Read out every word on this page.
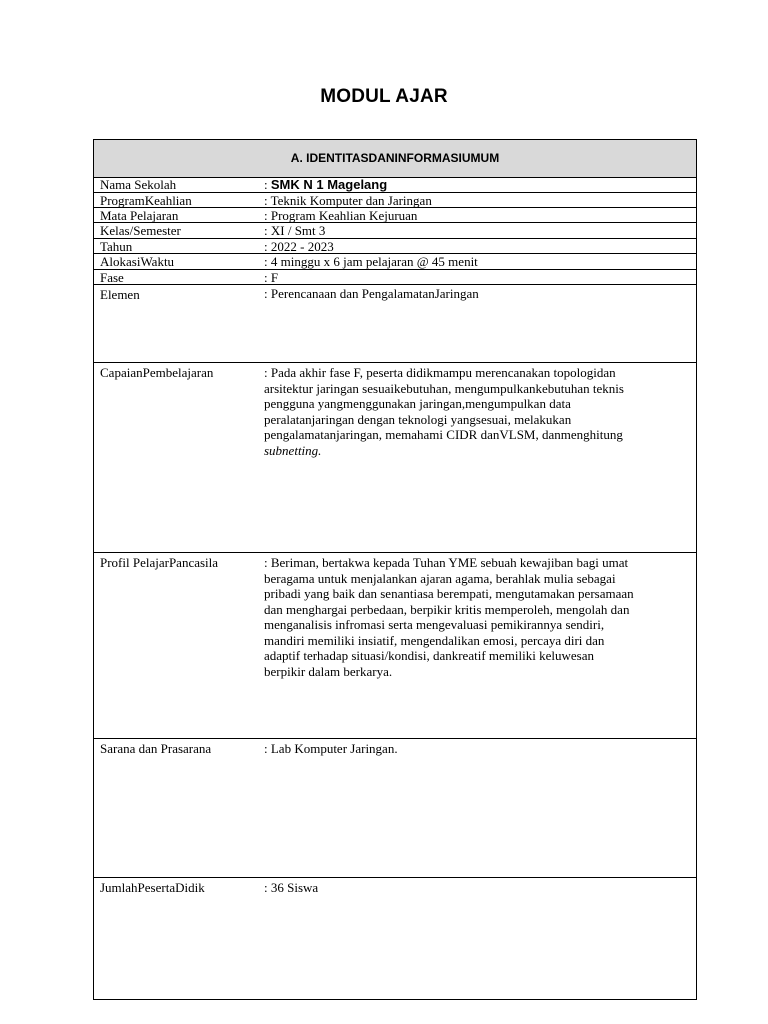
MODUL AJAR
A. IDENTITASDANINFORMASIUMUM
Nama Sekolah	: SMK N 1 Magelang
ProgramKeahlian	: Teknik Komputer dan Jaringan
Mata Pelajaran	: Program Keahlian Kejuruan
Kelas/Semester	: XI / Smt 3
Tahun	: 2022 - 2023
AlokasiWaktu	: 4 minggu x 6 jam pelajaran @ 45 menit
Fase	: F
Elemen	: Perencanaan dan PengalamatanJaringan
CapaianPembelajaran	: Pada akhir fase F, peserta didikmampu merencanakan topologidan arsitektur jaringan sesuaikebutuhan, mengumpulkankebutuhan teknis pengguna yangmenggunakan jaringan,mengumpulkan data peralatanjaringan dengan teknologi yangsesuai, melakukan pengalamatanjaringan, memahami CIDR danVLSM, danmenghitung subnetting.
Profil PelajarPancasila	: Beriman, bertakwa kepada Tuhan YME sebuah kewajiban bagi umat beragama untuk menjalankan ajaran agama, berahlak mulia sebagai pribadi yang baik dan senantiasa berempati, mengutamakan persamaan dan menghargai perbedaan, berpikir kritis memperoleh, mengolah dan menganalisis infromasi serta mengevaluasi pemikirannya sendiri, mandiri memiliki insiatif, mengendalikan emosi, percaya diri dan adaptif terhadap situasi/kondisi, dankreatif memiliki keluwesan berpikir dalam berkarya.
Sarana dan Prasarana	: Lab Komputer Jaringan.
JumlahPesertaDidik	: 36 Siswa
